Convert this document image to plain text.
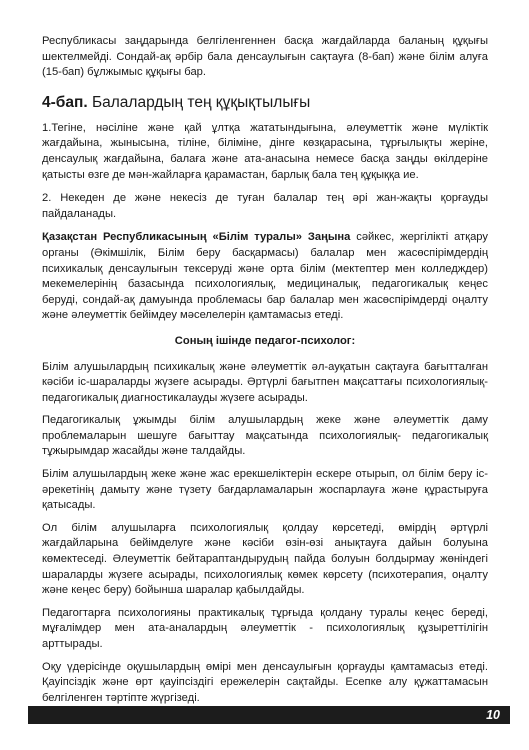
Республикасы заңдарында белгіленгеннен басқа жағдайларда баланың құқығы шектелмейді. Сондай-ақ әрбір бала денсаулығын сақтауға (8-бап) және білім алуға (15-бап) бұлжымыс құқығы бар.

4-бап. Балалардың тең құқықтылығы

1.Тегіне, нәсіліне және қай ұлтқа жататындығына, әлеуметтік және мүліктік жағдайына, жынысына, тіліне, біліміне, дінге көзқарасына, тұрғылықты жеріне, денсаулық жағдайына, балаға және ата-анасына немесе басқа заңды өкілдеріне қатысты өзге де мән-жайларға қарамастан, барлық бала тең құқыққа ие.

2. Некеден де және некесіз де туған балалар тең әрі жан-жақты қорғауды пайдаланады.

Қазақстан Республикасының «Білім туралы» Заңына сәйкес, жергілікті атқару органы (Әкімшілік, Білім беру басқармасы) балалар мен жасөспірімдердің психикалық денсаулығын тексеруді және орта білім (мектептер мен колледждер) мекемелерінің базасында психологиялық, медициналық, педагогикалық кеңес беруді, сондай-ақ дамуында проблемасы бар балалар мен жасөспірімдерді оңалту және әлеуметтік бейімдеу мәселелерін қамтамасыз етеді.

Соның ішінде педагог-психолог:

Білім алушылардың психикалық және әлеуметтік әл-ауқатын сақтауға бағытталған кәсіби іс-шараларды жүзеге асырады. Әртүрлі бағытпен мақсаттағы психологиялық-педагогикалық диагностикалауды жүзеге асырады.

Педагогикалық ұжымды білім алушылардың жеке және әлеуметтік даму проблемаларын шешуге бағыттау мақсатында психологиялық- педагогикалық тұжырымдар жасайды және талдайды.

Білім алушылардың жеке және жас ерекшеліктерін ескере отырып, ол білім беру іс-әрекетінің дамыту және түзету бағдарламаларын жоспарлауға және құрастыруға қатысады.

Ол білім алушыларға психологиялық қолдау көрсетеді, өмірдің әртүрлі жағдайларына бейімделуге және кәсіби өзін-өзі анықтауға дайын болуына көмектеседі. Әлеуметтік бейтараптандырудың пайда болуын болдырмау жөніндегі шараларды жүзеге асырады, психологиялық көмек көрсету (психотерапия, оңалту және кеңес беру) бойынша шаралар қабылдайды.

Педагогтарға психологияны практикалық тұрғыда қолдану туралы кеңес береді, мұғалімдер мен ата-аналардың әлеуметтік - психологиялық құзыреттілігін арттырады.

Оқу үдерісінде оқушылардың өмірі мен денсаулығын қорғауды қамтамасыз етеді. Қауіпсіздік және өрт қауіпсіздігі ережелерін сақтайды. Есепке алу құжаттамасын белгіленген тәртіпте жүргізеді.

10
